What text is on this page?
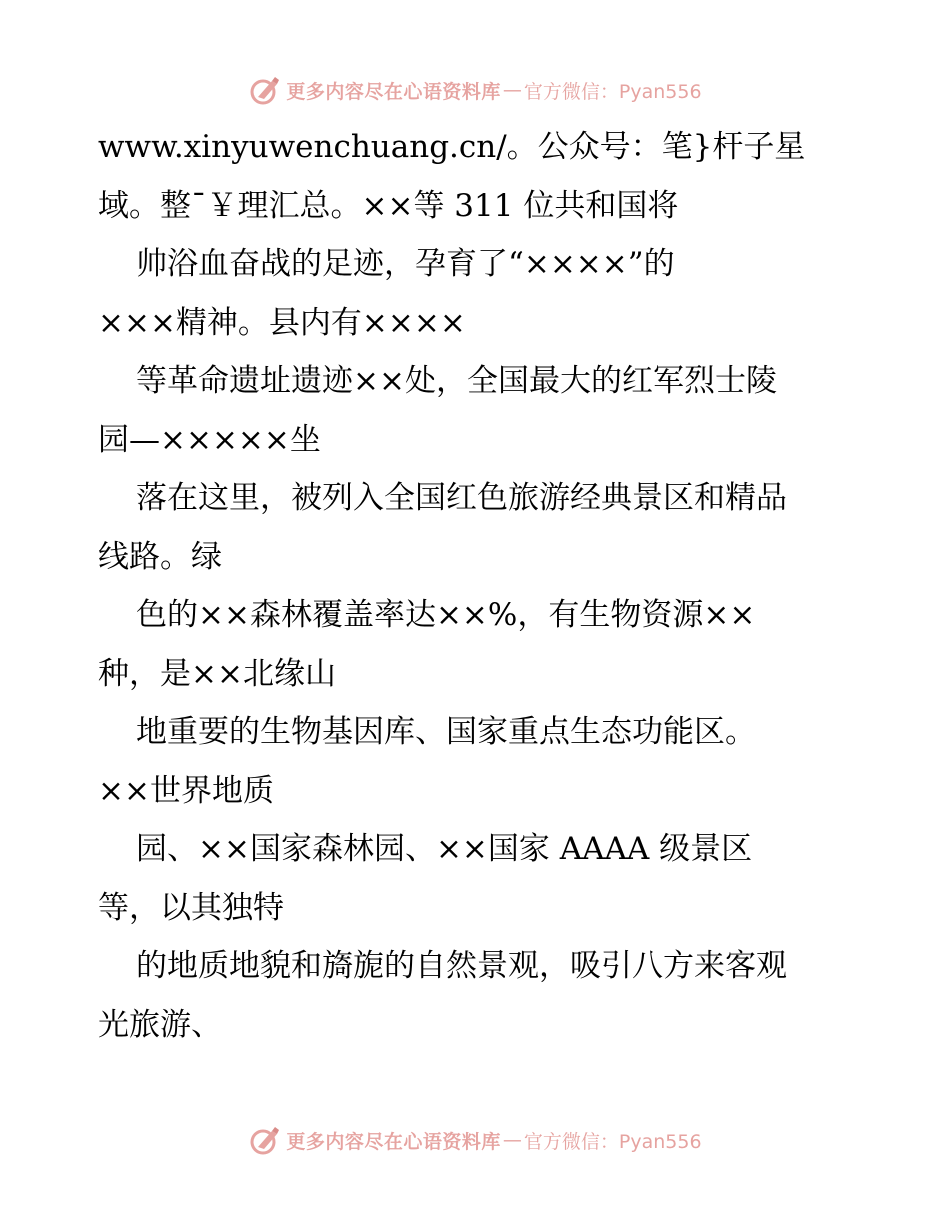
更多内容尽在心语资料库 — 官方微信：Pyan556
www.xinyuwenchuang.cn/。公众号：笔}杆子星
域。整¯￥理汇总。××等 311 位共和国将
帅浴血奋战的足迹，孕育了“××××”的
×××精神。县内有××××
等革命遗址遗迹××处，全国最大的红军烈士陵
园—×××××坐
落在这里，被列入全国红色旅游经典景区和精品
线路。绿
色的××森林覆盖率达××%，有生物资源××
种，是××北缘山
地重要的生物基因库、国家重点生态功能区。
××世界地质
园、××国家森林园、××国家 AAAA 级景区
等，以其独特
的地质地貌和旖旎的自然景观，吸引八方来客观
光旅游、
更多内容尽在心语资料库 — 官方微信：Pyan556
